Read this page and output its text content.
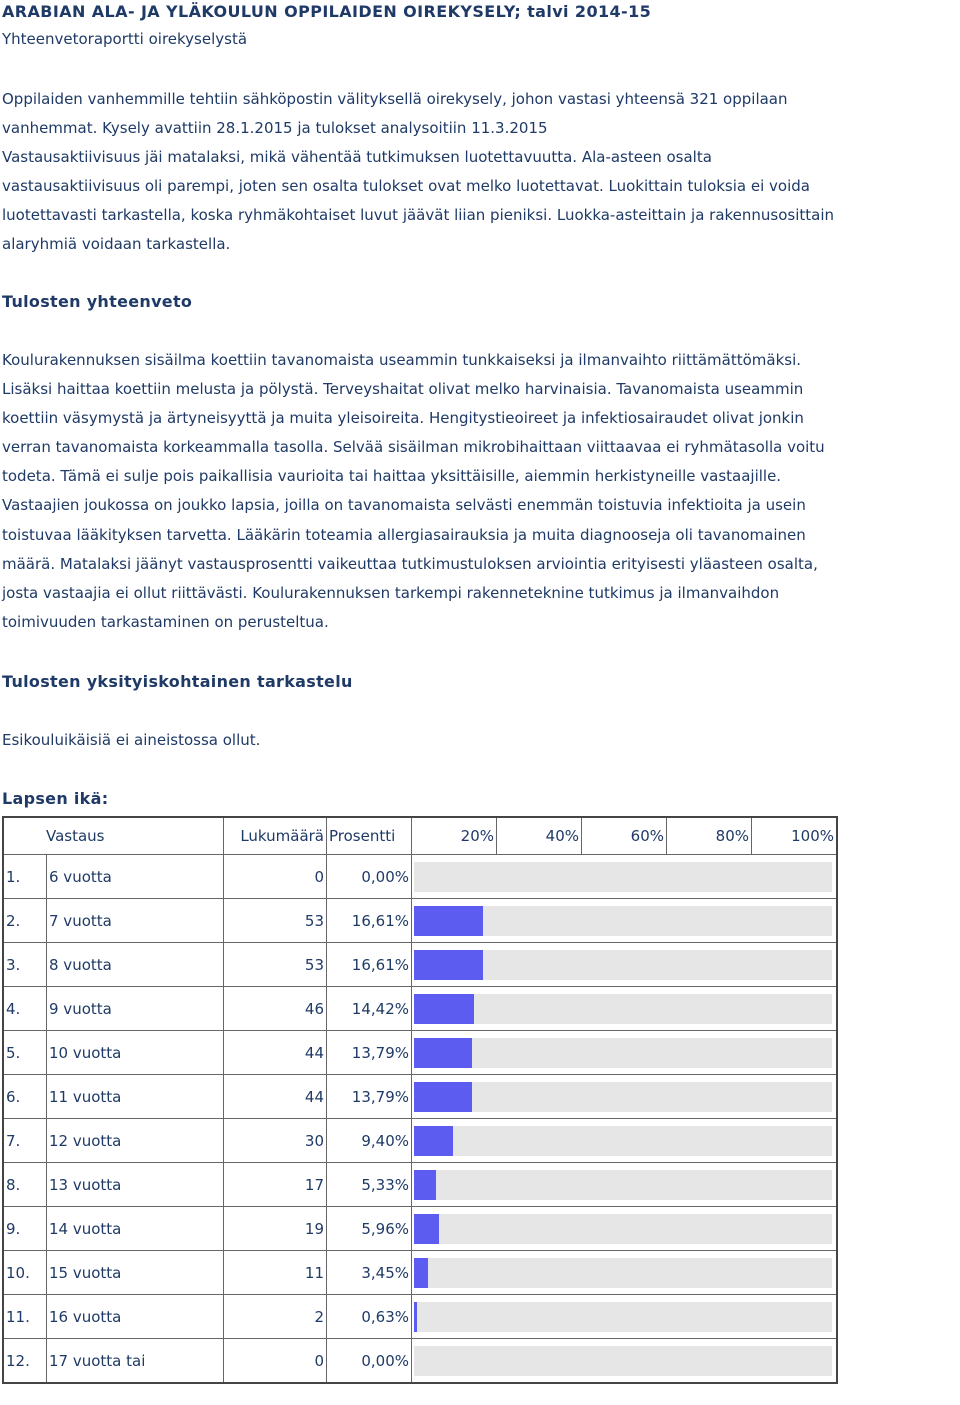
ARABIAN ALA- JA YLÄKOULUN OPPILAIDEN OIREKYSELY; talvi 2014-15
Yhteenvetoraportti oirekyselystä

Oppilaiden vanhemmille tehtiin sähköpostin välityksellä oirekysely, johon vastasi yhteensä 321 oppilaan

vanhemmat. Kysely avattiin 28.1.2015 ja tulokset analysoitiin 11.3.2015

Vastausaktiivisuus jäi matalaksi, mikä vähentää tutkimuksen luotettavuutta. Ala-asteen osalta

vastausaktiivisuus oli parempi, joten sen osalta tulokset ovat melko luotettavat. Luokittain tuloksia ei voida

luotettavasti tarkastella, koska ryhmäkohtaiset luvut jäävät liian pieniksi. Luokka-asteittain ja rakennusosittain

alaryhmiä voidaan tarkastella.

Tulosten yhteenveto

Koulurakennuksen sisäilma koettiin tavanomaista useammin tunkkaiseksi ja ilmanvaihto riittämättömäksi.

Lisäksi haittaa koettiin melusta ja pölystä. Terveyshaitat olivat melko harvinaisia. Tavanomaista useammin

koettiin väsymystä ja ärtyneisyyttä ja muita yleisoireita. Hengitystieoireet ja infektiosairaudet olivat jonkin

verran tavanomaista korkeammalla tasolla. Selvää sisäilman mikrobihaittaan viittaavaa ei ryhmätasolla voitu

todeta. Tämä ei sulje pois paikallisia vaurioita tai haittaa yksittäisille, aiemmin herkistyneille vastaajille.

Vastaajien joukossa on joukko lapsia, joilla on tavanomaista selvästi enemmän toistuvia infektioita ja usein

toistuvaa lääkityksen tarvetta. Lääkärin toteamia allergiasairauksia ja muita diagnooseja oli tavanomainen

määrä. Matalaksi jäänyt vastausprosentti vaikeuttaa tutkimustuloksen arviointia erityisesti yläasteen osalta,

josta vastaajia ei ollut riittävästi. Koulurakennuksen tarkempi rakenneteknine tutkimus ja ilmanvaihdon

toimivuuden tarkastaminen on perusteltua.

Tulosten yksityiskohtainen tarkastelu
Esikouluikäisiä ei aineistossa ollut.
Lapsen ikä:
Vastaus		Lukumäärä	Prosentti	20%	40%	60%	80%	100%
1.	6 vuotta	0	0,00%					

2.	7 vuotta	53	16,61%					

3.	8 vuotta	53	16,61%					

4.	9 vuotta	46	14,42%					

5.	10 vuotta	44	13,79%					

6.	11 vuotta	44	13,79%					

7.	12 vuotta	30	9,40%					

8.	13 vuotta	17	5,33%					

9.	14 vuotta	19	5,96%					

10.	15 vuotta	11	3,45%					

11.	16 vuotta	2	0,63%					

12.	17 vuotta tai	0	0,00%					
